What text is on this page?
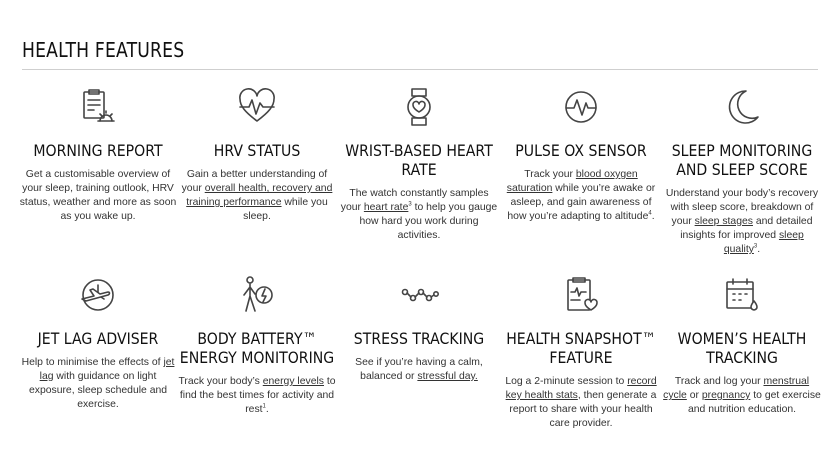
HEALTH FEATURES
MORNING REPORT

Get a customisable overview of your sleep, training outlook, HRV status, weather and more as soon as you wake up.

HRV STATUS

Gain a better understanding of your overall health, recovery and training performance while you sleep.

WRIST-BASED HEART RATE

The watch constantly samples your heart rate$^3$ to help you gauge how hard you work during activities.

PULSE OX SENSOR

Track your blood oxygen saturation while you’re awake or asleep, and gain awareness of how you’re adapting to altitude$^4$.

SLEEP MONITORING AND SLEEP SCORE

Understand your body’s recovery with sleep score, breakdown of your sleep stages and detailed insights for improved sleep quality$^3$.

JET LAG ADVISER

Help to minimise the effects of jet lag with guidance on light exposure, sleep schedule and exercise.

BODY BATTERY™ ENERGY MONITORING

Track your body’s energy levels to find the best times for activity and rest$^1$.

STRESS TRACKING

See if you’re having a calm, balanced or stressful day.

HEALTH SNAPSHOT™ FEATURE

Log a 2-minute session to record key health stats, then generate a report to share with your health care provider.

WOMEN’S HEALTH TRACKING

Track and log your menstrual cycle or pregnancy to get exercise and nutrition education.
